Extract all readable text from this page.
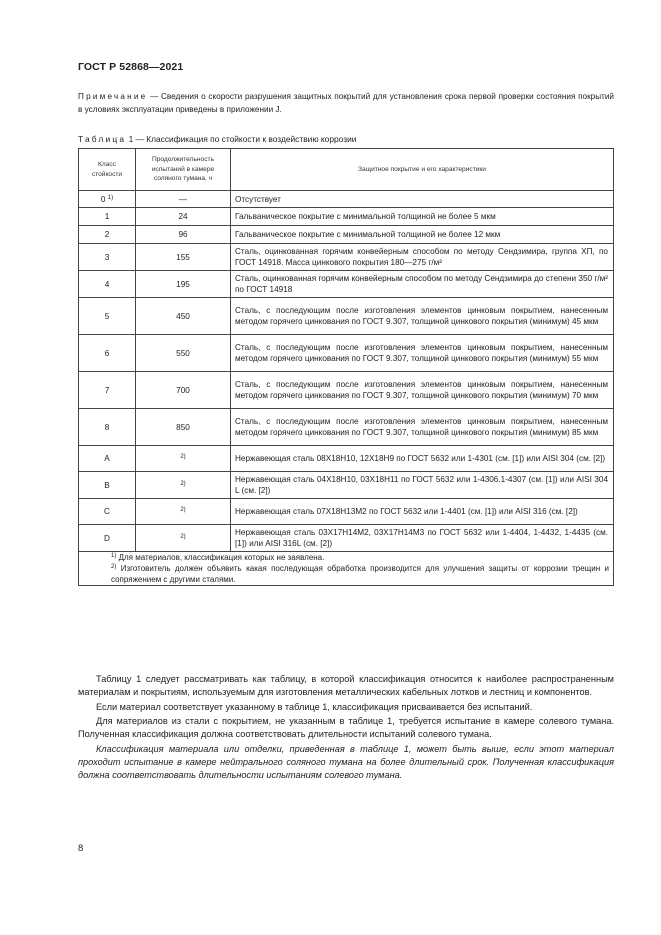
ГОСТ Р 52868—2021
Примечание — Сведения о скорости разрушения защитных покрытий для установления срока первой проверки состояния покрытий в условиях эксплуатации приведены в приложении J.
Таблица 1 — Классификация по стойкости к воздействию коррозии
Класс стойкости	Продолжительность испытаний в камере соляного тумана, ч	Защитное покрытие и его характеристики
0 $^{1)}$	—	Отсутствует
1	24	Гальваническое покрытие с минимальной толщиной не более 5 мкм
2	96	Гальваническое покрытие с минимальной толщиной не более 12 мкм
3	155	Сталь, оцинкованная горячим конвейерным способом по методу Сендзимира, группа ХП, по ГОСТ 14918. Масса цинкового покрытия 180—275 г/м²
4	195	Сталь, оцинкованная горячим конвейерным способом по методу Сендзимира до степени 350 г/м² по ГОСТ 14918
5	450	Сталь, с последующим после изготовления элементов цинковым покрытием, нанесенным методом горячего цинкования по ГОСТ 9.307, толщиной цинкового покрытия (минимум) 45 мкм
6	550	Сталь, с последующим после изготовления элементов цинковым покрытием, нанесенным методом горячего цинкования по ГОСТ 9.307, толщиной цинкового покрытия (минимум) 55 мкм
7	700	Сталь, с последующим после изготовления элементов цинковым покрытием, нанесенным методом горячего цинкования по ГОСТ 9.307, толщиной цинкового покрытия (минимум) 70 мкм
8	850	Сталь, с последующим после изготовления элементов цинковым покрытием, нанесенным методом горячего цинкования по ГОСТ 9.307, толщиной цинкового покрытия (минимум) 85 мкм
A	$^{2)}$	Нержавеющая сталь 08Х18Н10, 12Х18Н9 по ГОСТ 5632 или 1-4301 (см. [1]) или AISI 304 (см. [2])
B	$^{2)}$	Нержавеющая сталь 04Х18Н10, 03Х18Н11 по ГОСТ 5632 или 1-4306.1-4307 (см. [1]) или AISI 304 L (см. [2])
C	$^{2)}$	Нержавеющая сталь 07Х18Н13М2 по ГОСТ 5632 или 1-4401 (см. [1]) или AISI 316 (см. [2])
D	$^{2)}$	Нержавеющая сталь 03Х17Н14М2, 03Х17Н14М3 по ГОСТ 5632 или 1-4404, 1-4432, 1-4435 (см. [1]) или AISI 316L (см. [2])

$^{1)}$ Для материалов, классификация которых не заявлена.
$^{2)}$ Изготовитель должен объявить какая последующая обработка производится для улучшения защиты от коррозии трещин и сопряжением с другими сталями.		

Таблицу 1 следует рассматривать как таблицу, в которой классификация относится к наиболее распространенным материалам и покрытиям, используемым для изготовления металлических кабельных лотков и лестниц и компонентов.

Если материал соответствует указанному в таблице 1, классификация присваивается без испытаний.

Для материалов из стали с покрытием, не указанным в таблице 1, требуется испытание в камере солевого тумана. Полученная классификация должна соответствовать длительности испытаний солевого тумана.

Классификация материала или отделки, приведенная в таблице 1, может быть выше, если этот материал проходит испытание в камере нейтрального соляного тумана на более длительный срок. Полученная классификация должна соответствовать длительности испытаниям солевого тумана.

8
